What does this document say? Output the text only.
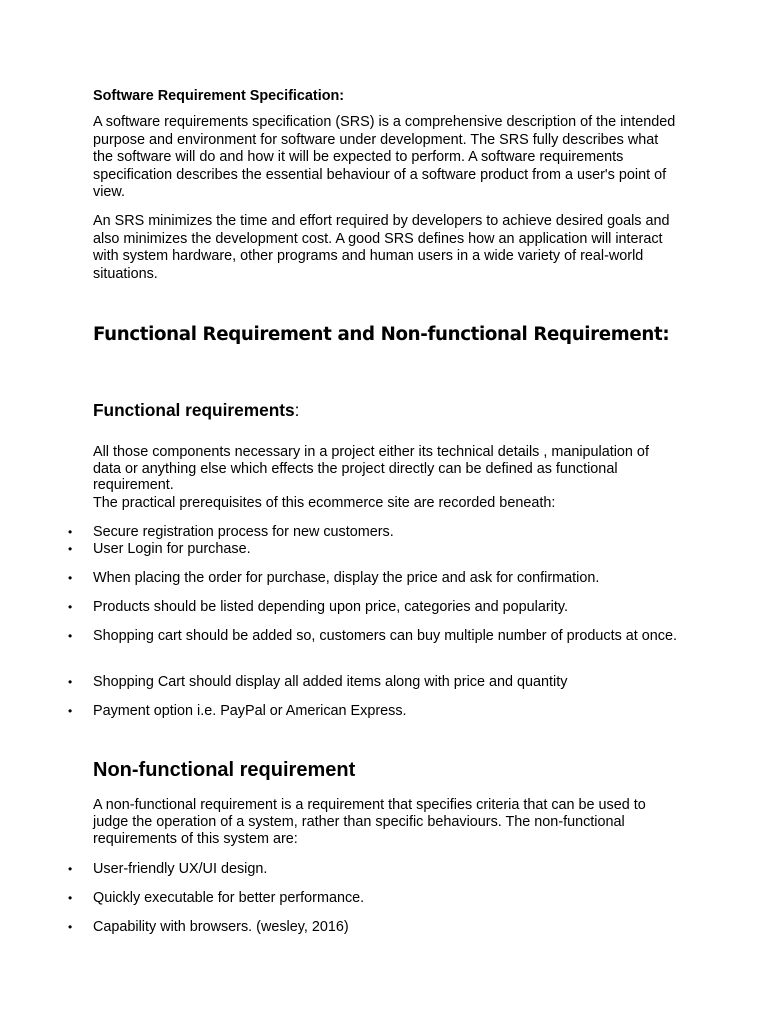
Software Requirement Specification:

A software requirements specification (SRS) is a comprehensive description of the intended purpose and environment for software under development. The SRS fully describes what the software will do and how it will be expected to perform. A software requirements specification describes the essential behaviour of a software product from a user's point of view.

An SRS minimizes the time and effort required by developers to achieve desired goals and also minimizes the development cost. A good SRS defines how an application will interact with system hardware, other programs and human users in a wide variety of real-world situations.

Functional Requirement and Non-functional Requirement:

Functional requirements:

All those components necessary in a project either its technical details , manipulation of data or anything else which effects the project directly can be defined as functional requirement.

The practical prerequisites of this ecommerce site are recorded beneath:

• Secure registration process for new customers.
• User Login for purchase.
• When placing the order for purchase, display the price and ask for confirmation.
• Products should be listed depending upon price, categories and popularity.
• Shopping cart should be added so, customers can buy multiple number of products at once.
• Shopping Cart should display all added items along with price and quantity
• Payment option i.e. PayPal or American Express.

Non-functional requirement

A non-functional requirement is a requirement that specifies criteria that can be used to judge the operation of a system, rather than specific behaviours. The non-functional requirements of this system are:

• User-friendly UX/UI design.
• Quickly executable for better performance.
• Capability with browsers. (wesley, 2016)
